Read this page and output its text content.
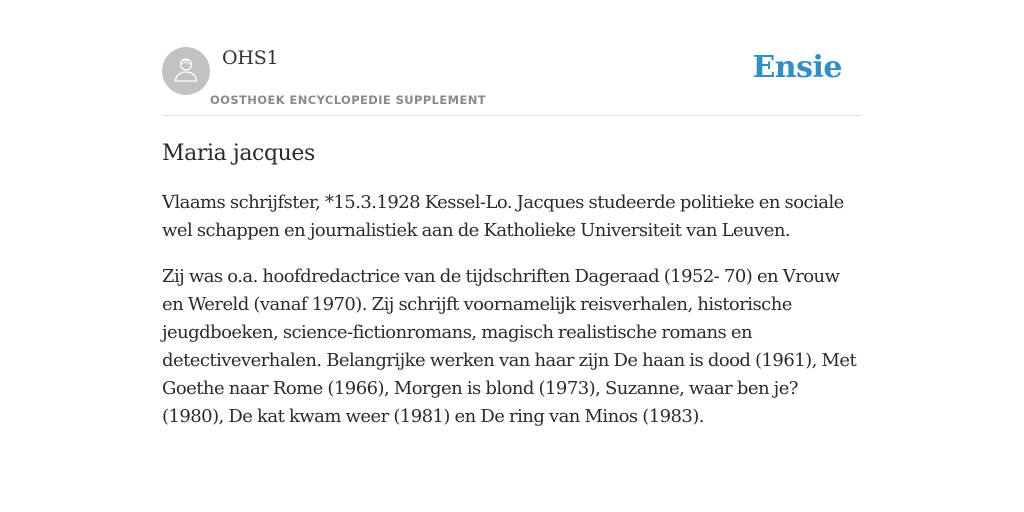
OHS1
OOSTHOEK ENCYCLOPEDIE SUPPLEMENT
Ensie
Maria jacques

Vlaams schrijfster, *15.3.1928 Kessel-Lo. Jacques studeerde politieke en sociale wel schappen en journalistiek aan de Katholieke Universiteit van Leuven.

Zij was o.a. hoofdredactrice van de tijdschriften Dageraad (1952- 70) en Vrouw en Wereld (vanaf 1970). Zij schrijft voornamelijk reisverhalen, historische jeugdboeken, science-fictionromans, magisch realistische romans en detectiveverhalen. Belangrijke werken van haar zijn De haan is dood (1961), Met Goethe naar Rome (1966), Morgen is blond (1973), Suzanne, waar ben je? (1980), De kat kwam weer (1981) en De ring van Minos (1983).
